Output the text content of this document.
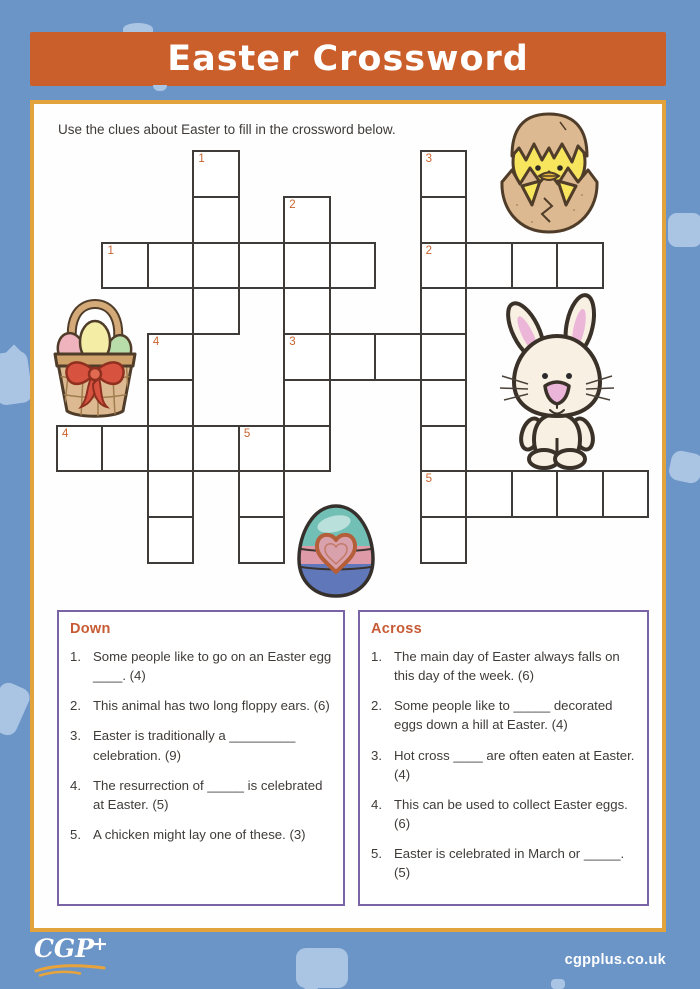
Easter Crossword
Use the clues about Easter to fill in the crossword below.
1	2
3
4	5
5
1
2
3
4
Down
1. Some people like to go on an Easter egg ____. (4)
2. This animal has two long floppy ears. (6)
3. Easter is traditionally a _________ celebration. (9)
4. The resurrection of _____ is celebrated at Easter. (5)
5. A chicken might lay one of these. (3)
Across
1. The main day of Easter always falls on this day of the week. (6)
2. Some people like to _____ decorated eggs down a hill at Easter. (4)
3. Hot cross ____ are often eaten at Easter. (4)
4. This can be used to collect Easter eggs. (6)
5. Easter is celebrated in March or _____. (5)
CGP+
cgpplus.co.uk
